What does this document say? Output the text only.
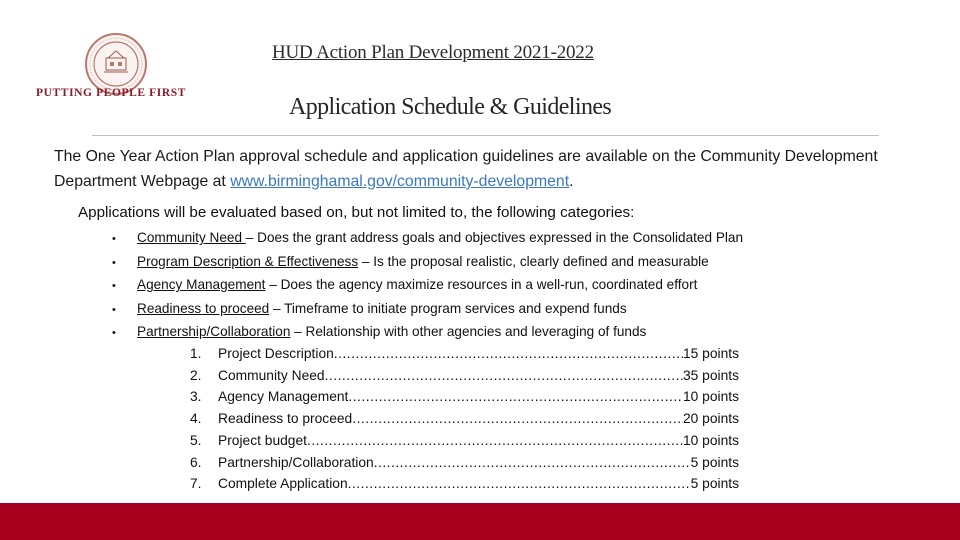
PUTTING PEOPLE FIRST
HUD Action Plan Development 2021-2022
Application Schedule & Guidelines
The One Year Action Plan approval schedule and application guidelines are available on the Community Development Department Webpage at www.birminghamal.gov/community-development.
Applications will be evaluated based on, but not limited to, the following categories:
• Community Need – Does the grant address goals and objectives expressed in the Consolidated Plan
• Program Description & Effectiveness – Is the proposal realistic, clearly defined and measurable
• Agency Management – Does the agency maximize resources in a well-run, coordinated effort
• Readiness to proceed – Timeframe to initiate program services and expend funds
• Partnership/Collaboration – Relationship with other agencies and leveraging of funds
1.	Project Description .....	15 points
2.	Community Need .....	35 points
3.	Agency Management .....	10 points
4.	Readiness to proceed .....	20 points
5.	Project budget .....	10 points
6.	Partnership/Collaboration .....	5 points
7.	Complete Application .....	5 points
